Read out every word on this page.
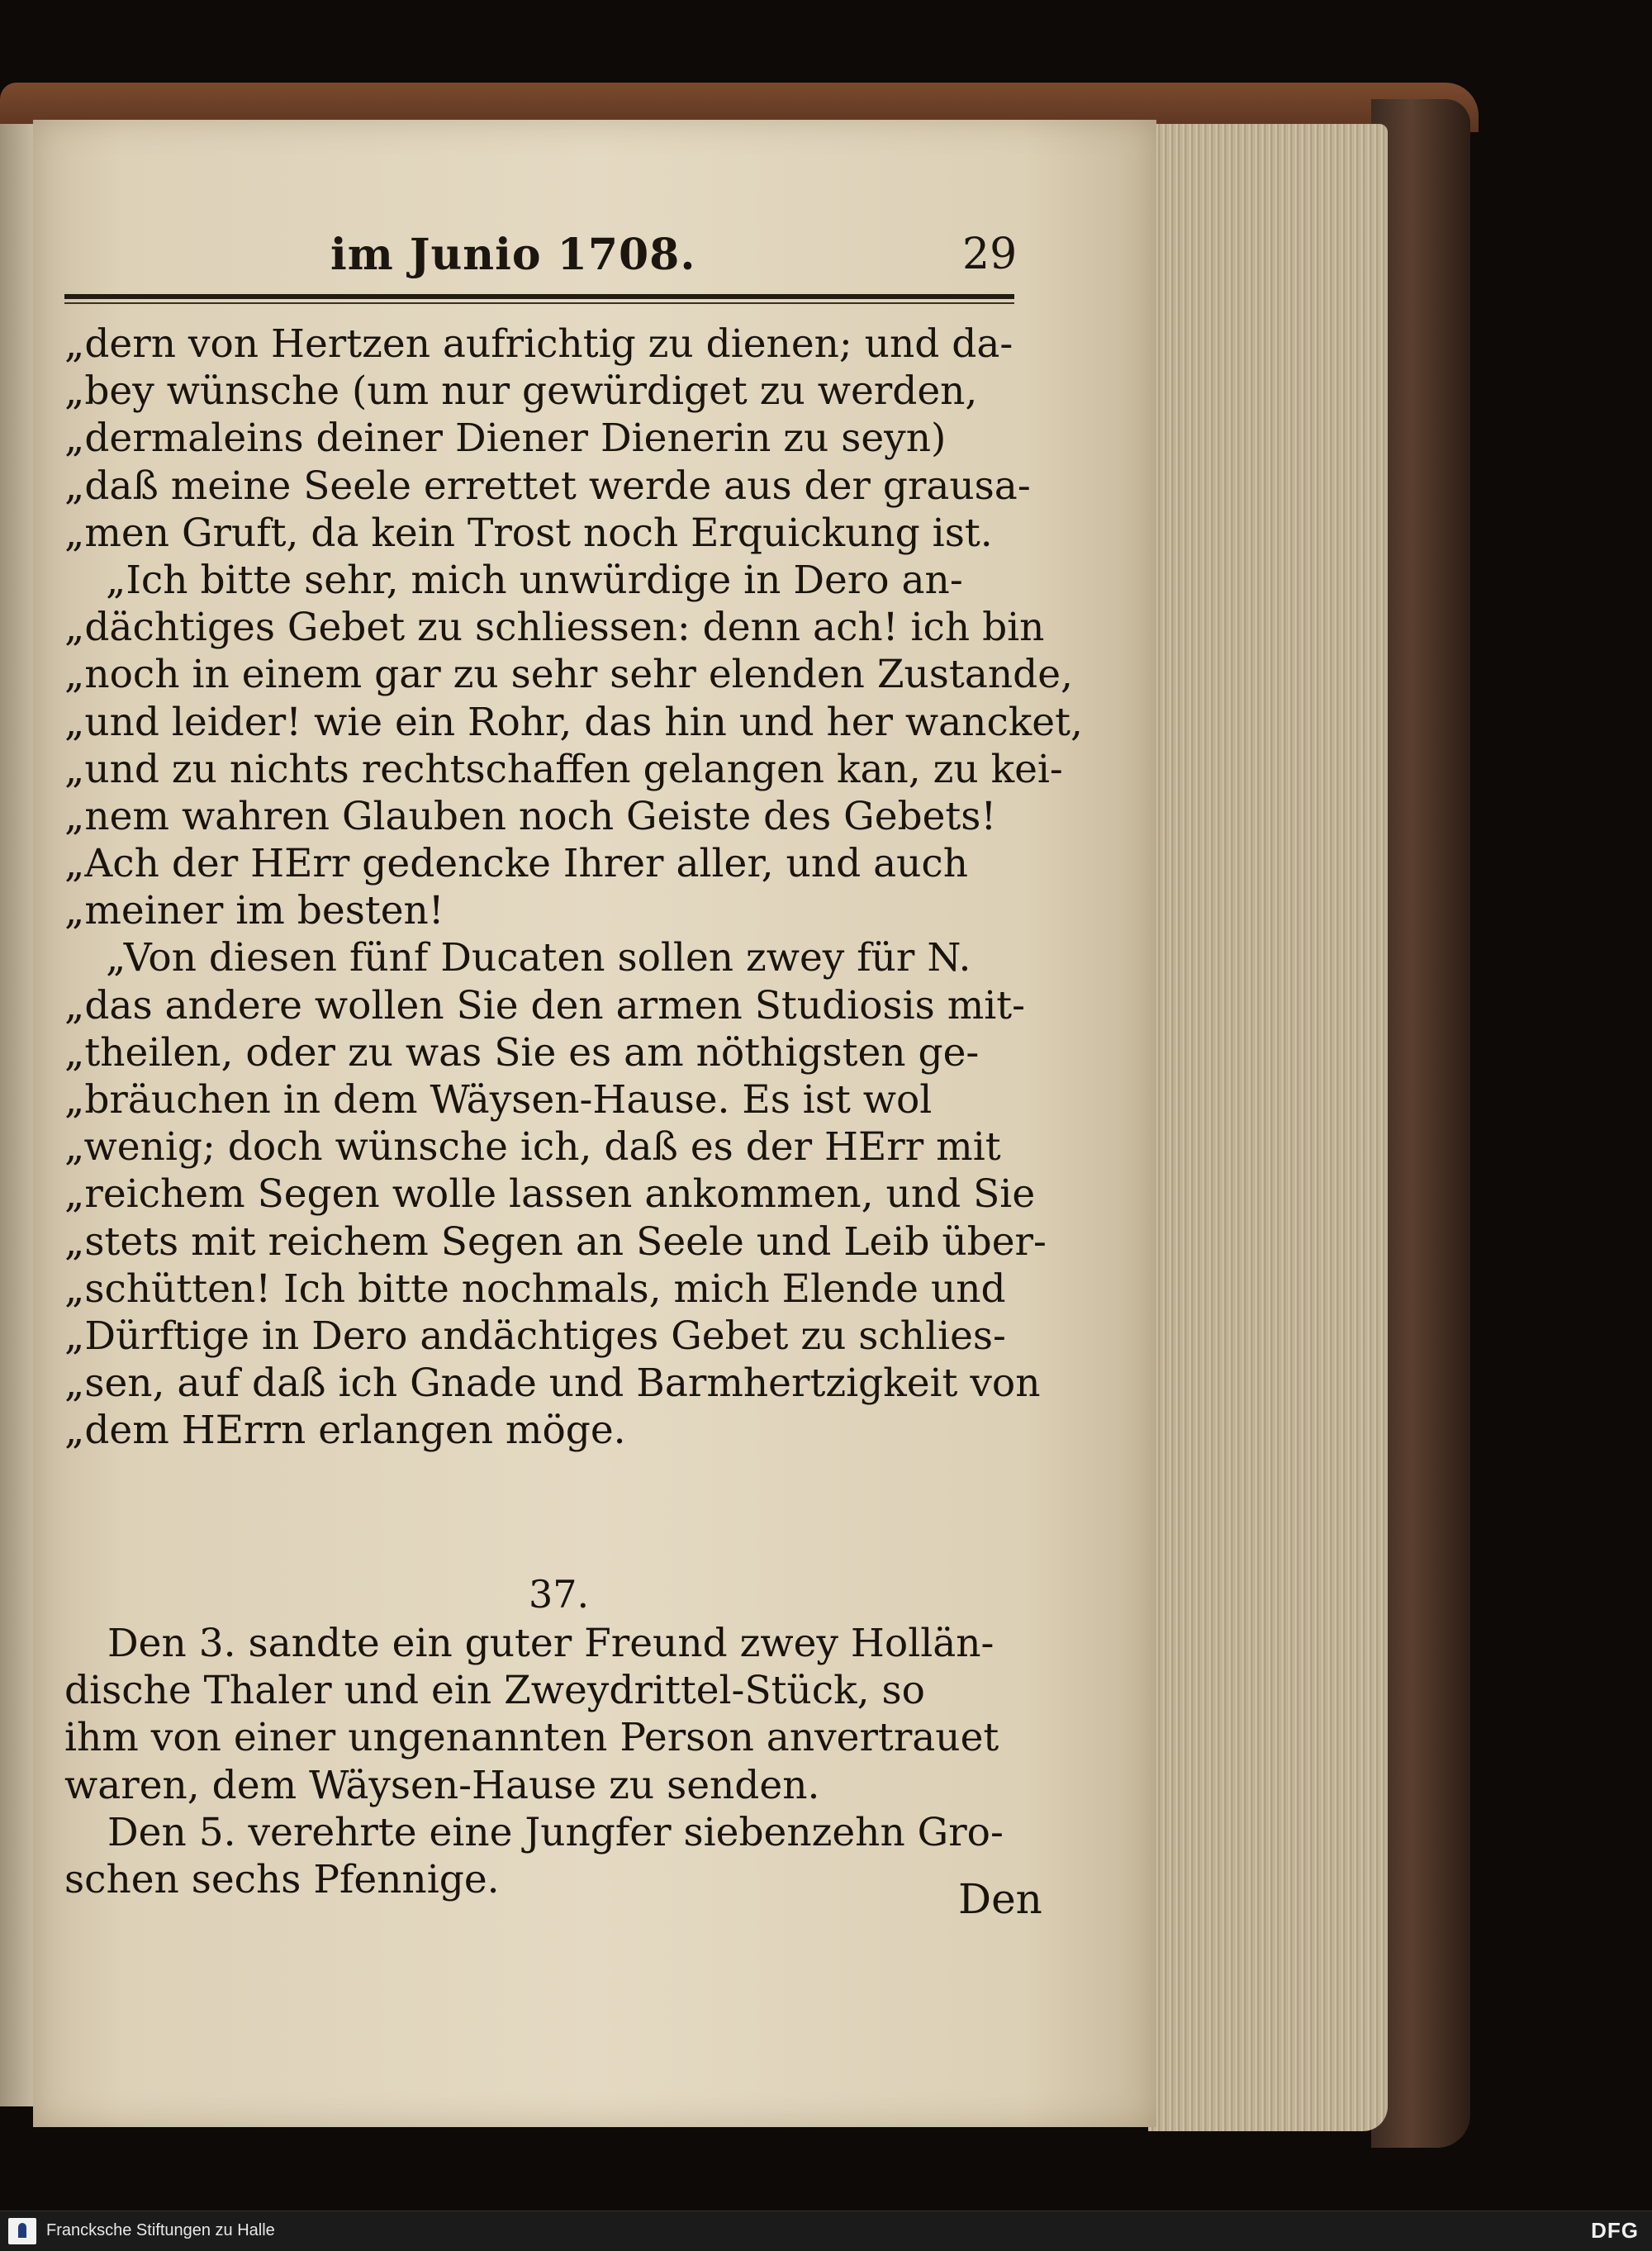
im Junio 1708.	29
„dern von Hertzen aufrichtig zu dienen; und da-
„bey wünsche (um nur gewürdiget zu werden,
„dermaleins deiner Diener Dienerin zu seyn)
„daß meine Seele errettet werde aus der grausa-
„men Gruft, da kein Trost noch Erquickung ist.
„Ich bitte sehr, mich unwürdige in Dero an-
„dächtiges Gebet zu schliessen: denn ach! ich bin
„noch in einem gar zu sehr sehr elenden Zustande,
„und leider! wie ein Rohr, das hin und her wancket,
„und zu nichts rechtschaffen gelangen kan, zu kei-
„nem wahren Glauben noch Geiste des Gebets!
„Ach der HErr gedencke Ihrer aller, und auch
„meiner im besten!
„Von diesen fünf Ducaten sollen zwey für N.
„das andere wollen Sie den armen Studiosis mit-
„theilen, oder zu was Sie es am nöthigsten ge-
„bräuchen in dem Wäysen-Hause. Es ist wol
„wenig; doch wünsche ich, daß es der HErr mit
„reichem Segen wolle lassen ankommen, und Sie
„stets mit reichem Segen an Seele und Leib über-
„schütten! Ich bitte nochmals, mich Elende und
„Dürftige in Dero andächtiges Gebet zu schlies-
„sen, auf daß ich Gnade und Barmhertzigkeit von
„dem HErrn erlangen möge.
37.
Den 3. sandte ein guter Freund zwey Hollän-
dische Thaler und ein Zweydrittel-Stück, so
ihm von einer ungenannten Person anvertrauet
waren, dem Wäysen-Hause zu senden.
Den 5. verehrte eine Jungfer siebenzehn Gro-
schen sechs Pfennige.	Den
Francksche Stiftungen zu Halle	DFG
